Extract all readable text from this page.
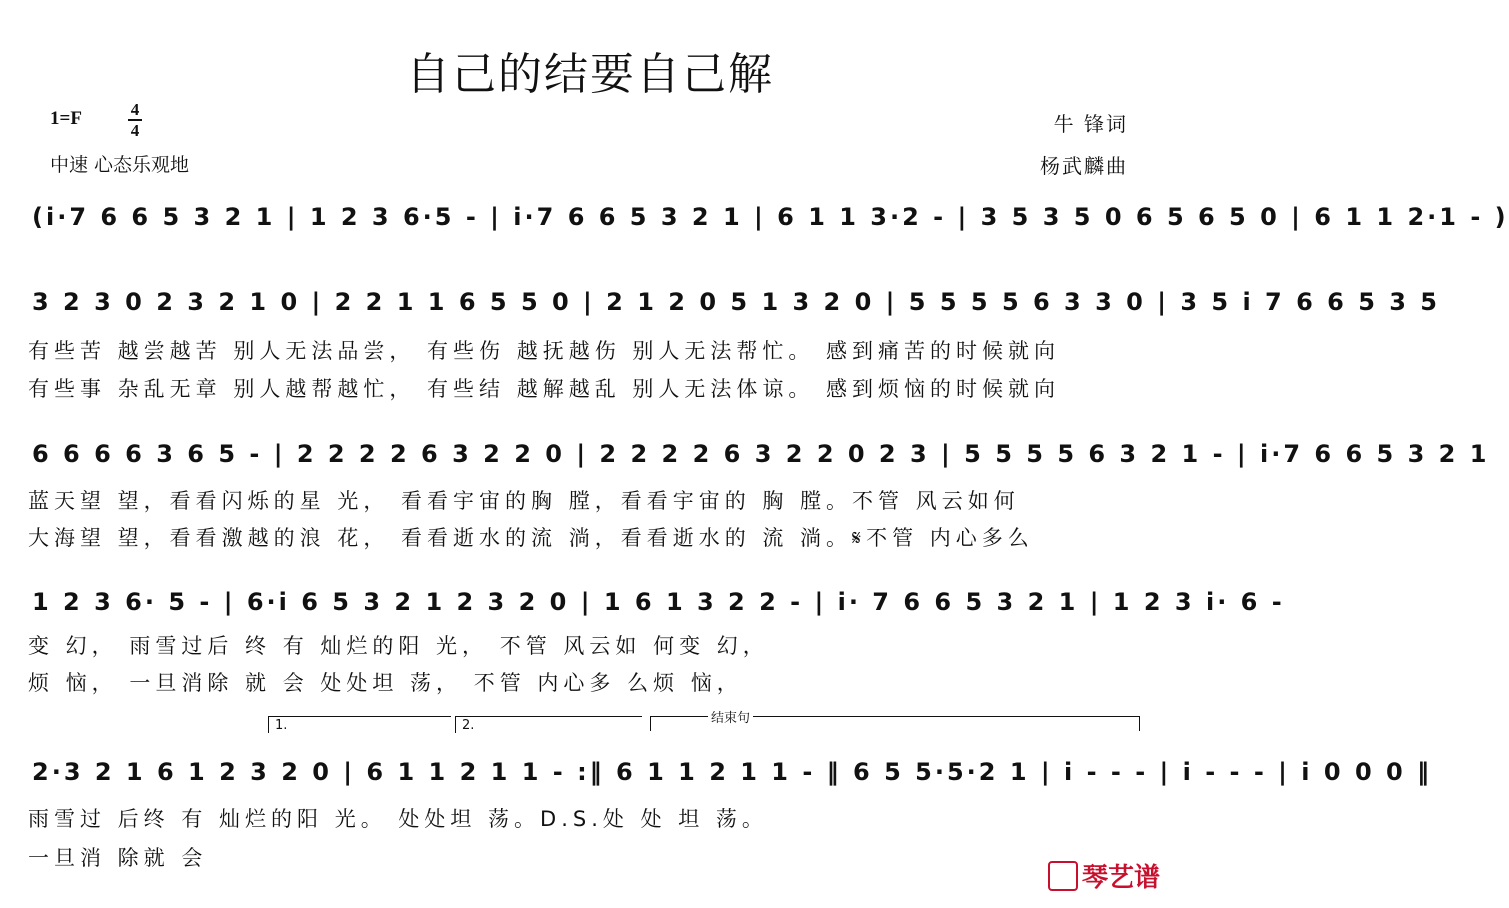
自己的结要自己解
1=F	$\frac{4}{4}$
中速 心态乐观地
牛 锋词
杨武麟曲
(i·7 6 6 5 3 2 1 | 1 2 3 6·5 - | i·7 6 6 5 3 2 1 | 6 1 1 3·2 - | 3 5 3 5 0 6 5 6 5 0 | 6 1 1 2·1 - )
3 2 3 0 2 3 2 1 0 | 2 2 1 1 6 5 5 0 | 2 1 2 0 5 1 3 2 0 | 5 5 5 5 6 3 3 0 | 3 5 i 7 6 6 5 3 5
有些苦 越尝越苦 别人无法品尝， 有些伤 越抚越伤 别人无法帮忙。 感到痛苦的时候就向
有些事 杂乱无章 别人越帮越忙， 有些结 越解越乱 别人无法体谅。 感到烦恼的时候就向
6 6 6 6 3 6 5 - | 2 2 2 2 6 3 2 2 0 | 2 2 2 2 6 3 2 2 0 2 3 | 5 5 5 5 6 3 2 1 - | i·7 6 6 5 3 2 1
蓝天望 望，看看闪烁的星 光， 看看宇宙的胸 膛，看看宇宙的 胸 膛。不管 风云如何
大海望 望，看看激越的浪 花， 看看逝水的流 淌，看看逝水的 流 淌。𝄋不管 内心多么
1 2 3 6· 5 - | 6·i 6 5 3 2 1 2 3 2 0 | 1 6 1 3 2 2 - | i· 7 6 6 5 3 2 1 | 1 2 3 i· 6 -
变 幻， 雨雪过后 终 有 灿烂的阳 光， 不管 风云如 何变 幻，
烦 恼， 一旦消除 就 会 处处坦 荡， 不管 内心多 么烦 恼，
1.	2.	结束句
2·3 2 1 6 1 2 3 2 0 | 6 1 1 2 1 1 - :‖ 6 1 1 2 1 1 - ‖ 6 5 5·5·2 1 | i - - - | i - - - | i 0 0 0 ‖
雨雪过 后终 有 灿烂的阳 光。 处处坦 荡。D.S.处 处 坦 荡。
一旦消 除就 会
琴艺谱
